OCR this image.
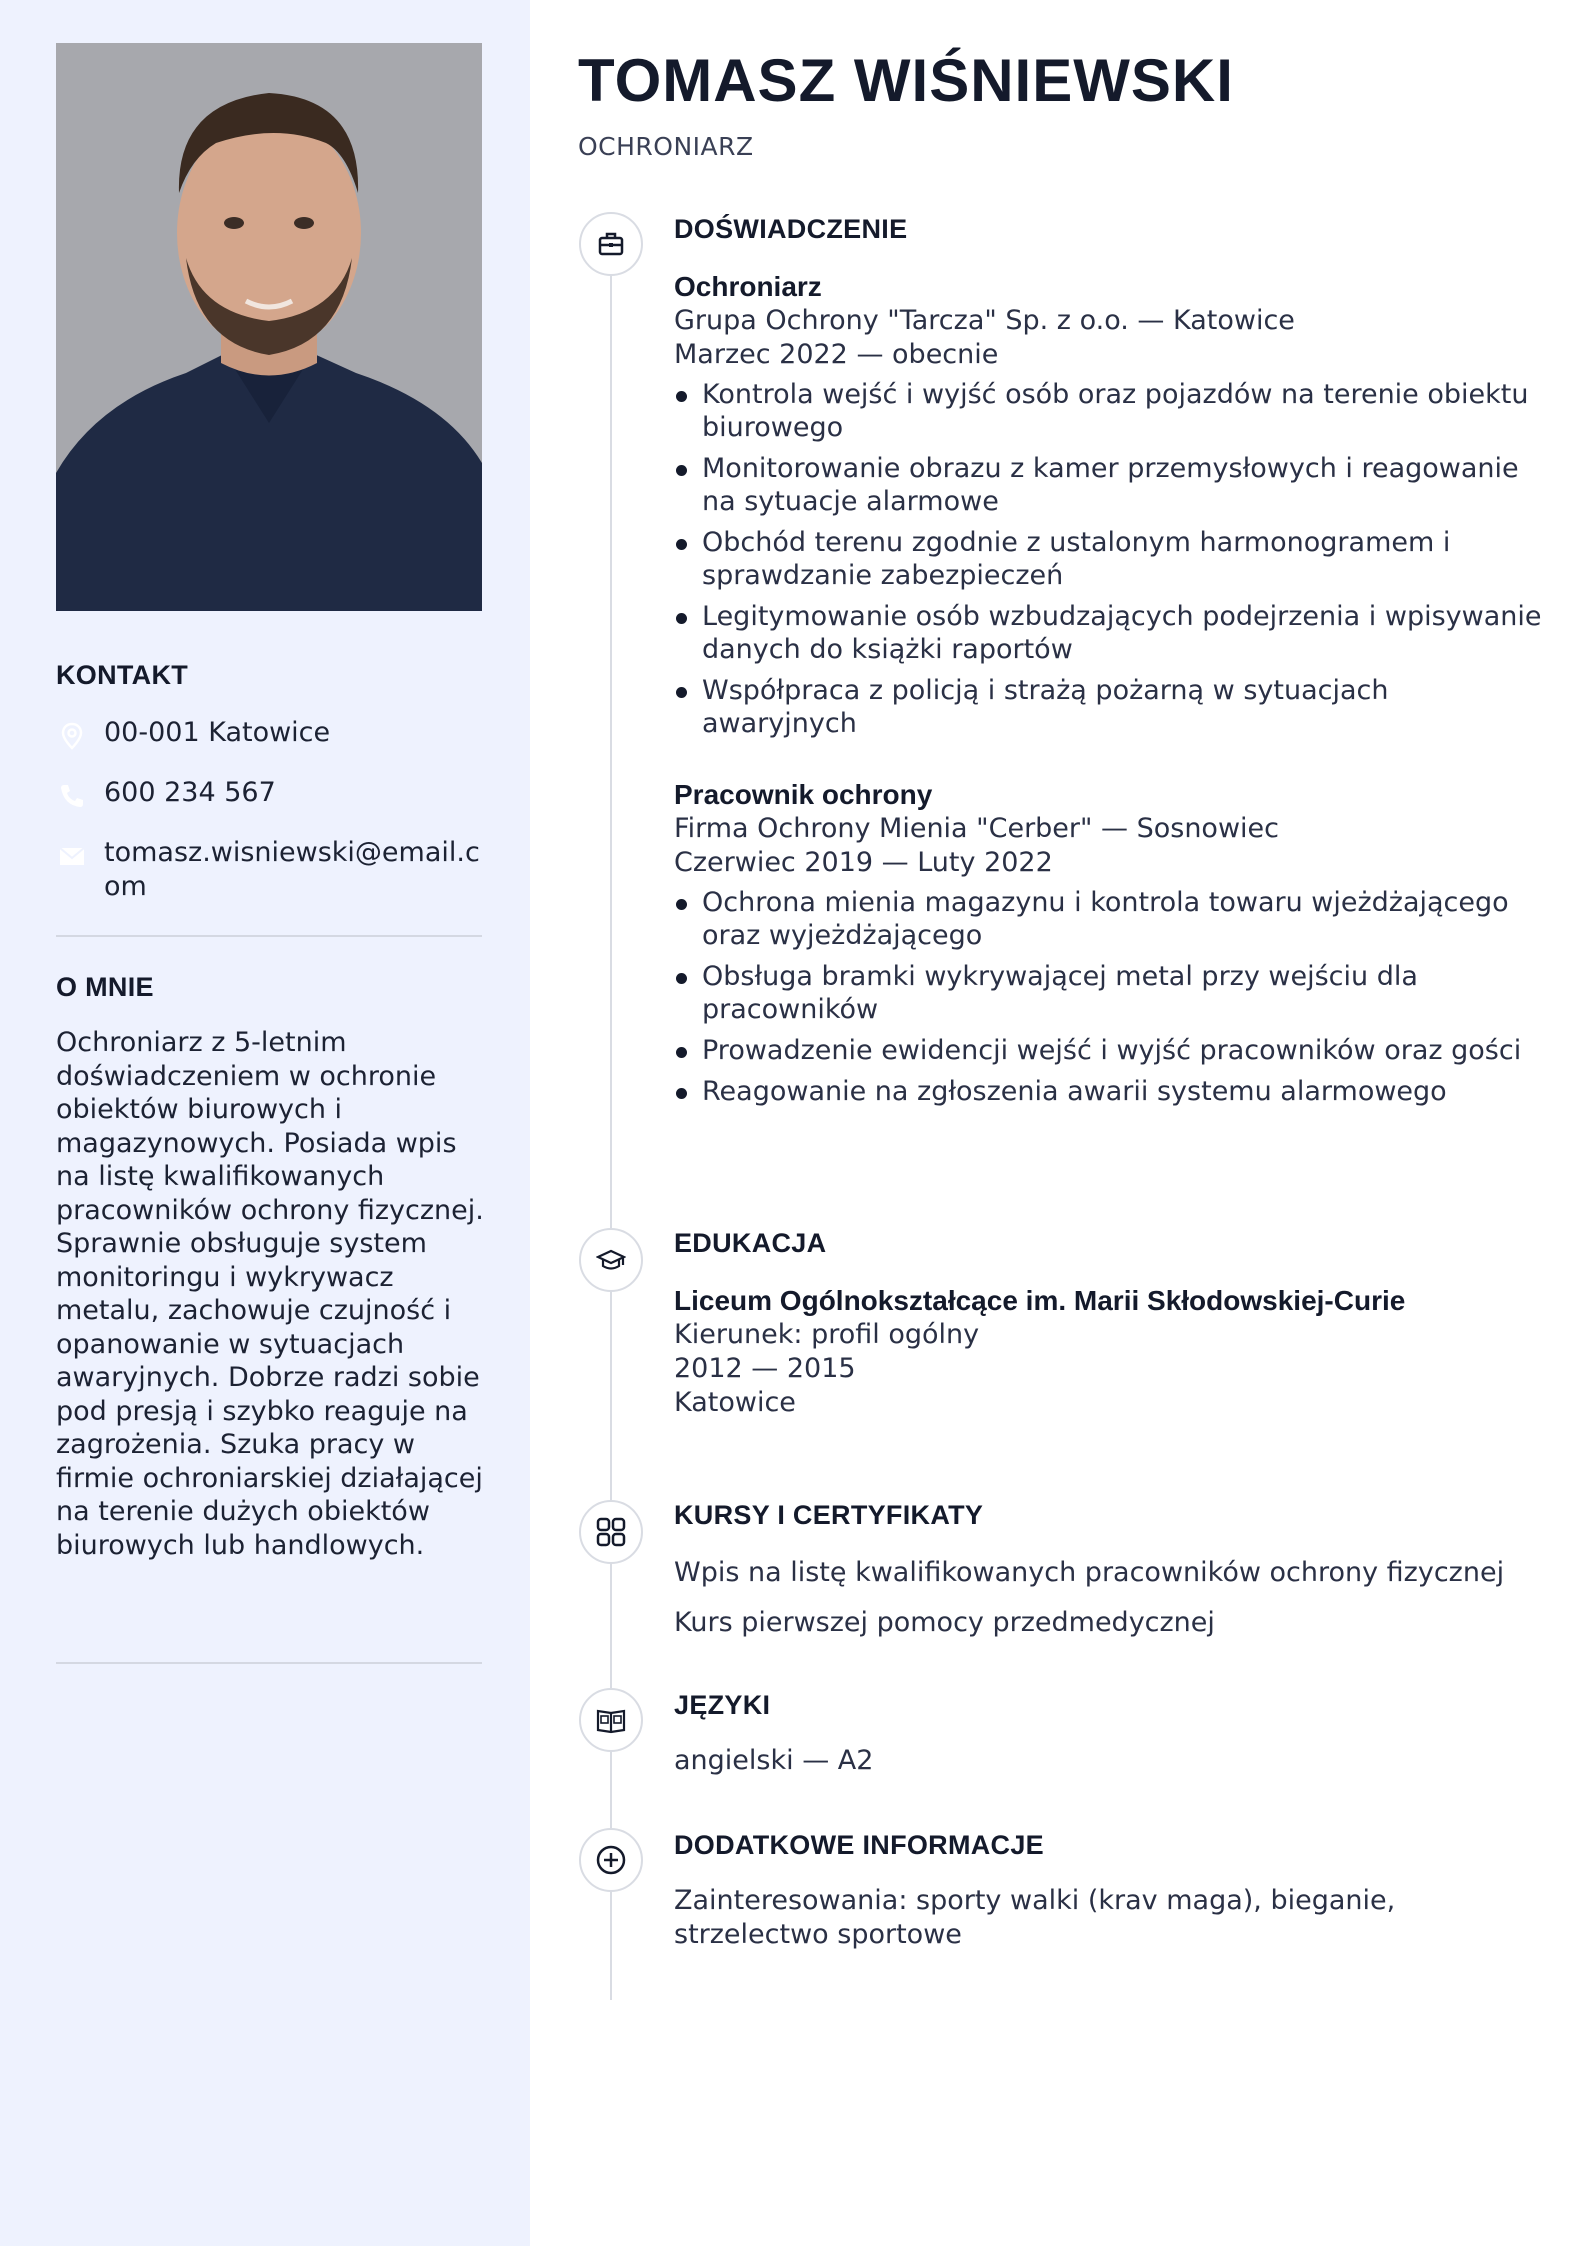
KONTAKT
00-001 Katowice
600 234 567
tomasz.wisniewski@email.com
O MNIE
Ochroniarz z 5-letnim doświadczeniem w ochronie obiektów biurowych i magazynowych. Posiada wpis na listę kwalifikowanych pracowników ochrony fizycznej. Sprawnie obsługuje system monitoringu i wykrywacz metalu, zachowuje czujność i opanowanie w sytuacjach awaryjnych. Dobrze radzi sobie pod presją i szybko reaguje na zagrożenia. Szuka pracy w firmie ochroniarskiej działającej na terenie dużych obiektów biurowych lub handlowych.
TOMASZ WIŚNIEWSKI
OCHRONIARZ
DOŚWIADCZENIE
Ochroniarz
Grupa Ochrony "Tarcza" Sp. z o.o. — Katowice
Marzec 2022 — obecnie
Kontrola wejść i wyjść osób oraz pojazdów na terenie obiektu biurowego
Monitorowanie obrazu z kamer przemysłowych i reagowanie na sytuacje alarmowe
Obchód terenu zgodnie z ustalonym harmonogramem i sprawdzanie zabezpieczeń
Legitymowanie osób wzbudzających podejrzenia i wpisywanie danych do książki raportów
Współpraca z policją i strażą pożarną w sytuacjach awaryjnych
Pracownik ochrony
Firma Ochrony Mienia "Cerber" — Sosnowiec
Czerwiec 2019 — Luty 2022
Ochrona mienia magazynu i kontrola towaru wjeżdżającego oraz wyjeżdżającego
Obsługa bramki wykrywającej metal przy wejściu dla pracowników
Prowadzenie ewidencji wejść i wyjść pracowników oraz gości
Reagowanie na zgłoszenia awarii systemu alarmowego
EDUKACJA
Liceum Ogólnokształcące im. Marii Skłodowskiej-Curie
Kierunek: profil ogólny
2012 — 2015
Katowice
KURSY I CERTYFIKATY
Wpis na listę kwalifikowanych pracowników ochrony fizycznej
Kurs pierwszej pomocy przedmedycznej
JĘZYKI
angielski — A2
DODATKOWE INFORMACJE
Zainteresowania: sporty walki (krav maga), bieganie, strzelectwo sportowe
